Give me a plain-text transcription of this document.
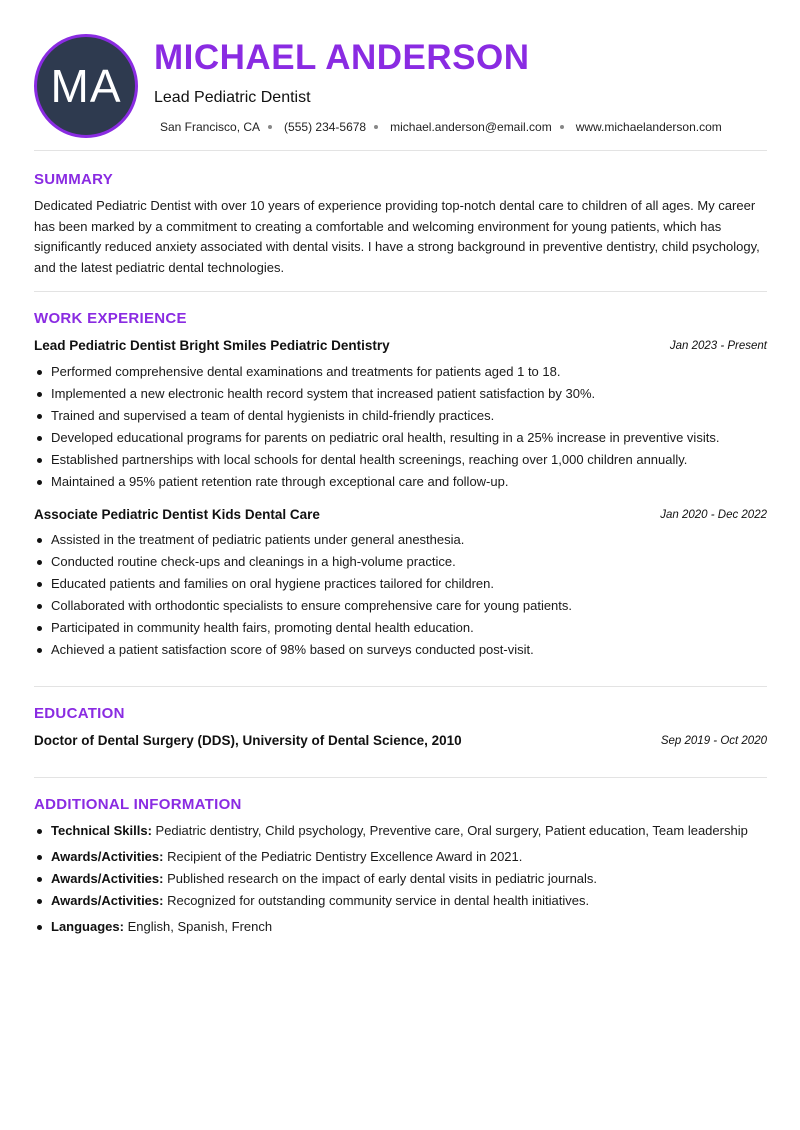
MA
MICHAEL ANDERSON
Lead Pediatric Dentist
San Francisco, CA (555) 234-5678 michael.anderson@email.com www.michaelanderson.com
SUMMARY
Dedicated Pediatric Dentist with over 10 years of experience providing top-notch dental care to children of all ages. My career has been marked by a commitment to creating a comfortable and welcoming environment for young patients, which has significantly reduced anxiety associated with dental visits. I have a strong background in preventive dentistry, child psychology, and the latest pediatric dental technologies.
WORK EXPERIENCE
Lead Pediatric Dentist Bright Smiles Pediatric Dentistry	Jan 2023 - Present
Performed comprehensive dental examinations and treatments for patients aged 1 to 18.
Implemented a new electronic health record system that increased patient satisfaction by 30%.
Trained and supervised a team of dental hygienists in child-friendly practices.
Developed educational programs for parents on pediatric oral health, resulting in a 25% increase in preventive visits.
Established partnerships with local schools for dental health screenings, reaching over 1,000 children annually.
Maintained a 95% patient retention rate through exceptional care and follow-up.
Associate Pediatric Dentist Kids Dental Care	Jan 2020 - Dec 2022
Assisted in the treatment of pediatric patients under general anesthesia.
Conducted routine check-ups and cleanings in a high-volume practice.
Educated patients and families on oral hygiene practices tailored for children.
Collaborated with orthodontic specialists to ensure comprehensive care for young patients.
Participated in community health fairs, promoting dental health education.
Achieved a patient satisfaction score of 98% based on surveys conducted post-visit.
EDUCATION
Doctor of Dental Surgery (DDS), University of Dental Science, 2010	Sep 2019 - Oct 2020
ADDITIONAL INFORMATION
Technical Skills: Pediatric dentistry, Child psychology, Preventive care, Oral surgery, Patient education, Team leadership
Awards/Activities: Recipient of the Pediatric Dentistry Excellence Award in 2021.
Awards/Activities: Published research on the impact of early dental visits in pediatric journals.
Awards/Activities: Recognized for outstanding community service in dental health initiatives.
Languages: English, Spanish, French
